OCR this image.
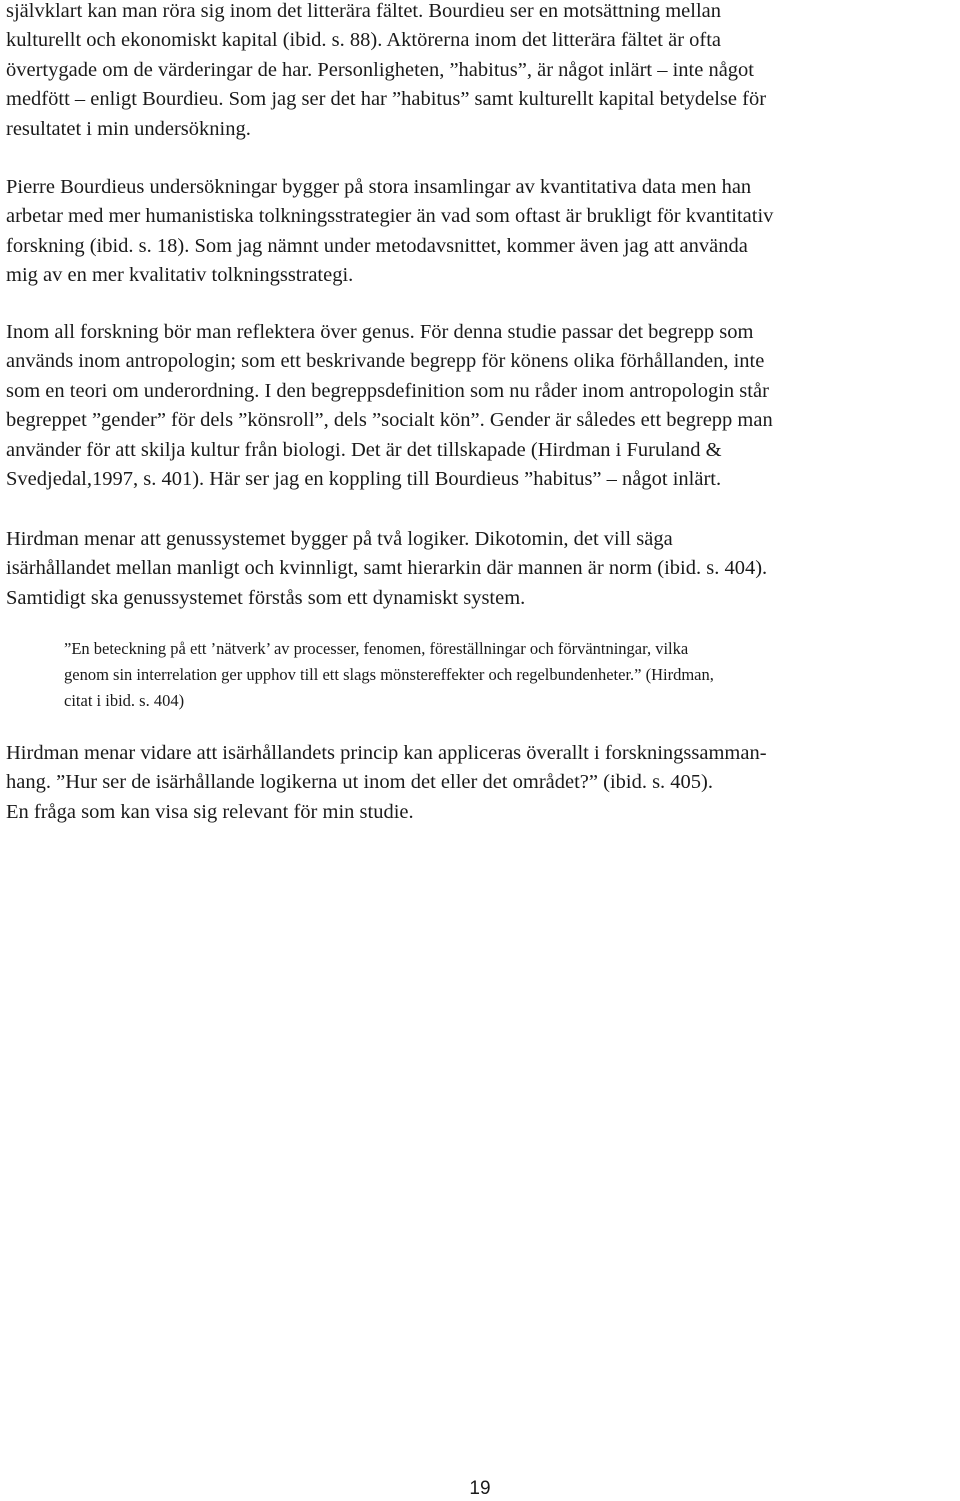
självklart kan man röra sig inom det litterära fältet. Bourdieu ser en motsättning mellan
kulturellt och ekonomiskt kapital (ibid. s. 88). Aktörerna inom det litterära fältet är ofta
övertygade om de värderingar de har. Personligheten, ”habitus”, är något inlärt – inte något
medfött – enligt Bourdieu. Som jag ser det har ”habitus” samt kulturellt kapital betydelse för
resultatet i min undersökning.
Pierre Bourdieus undersökningar bygger på stora insamlingar av kvantitativa data men han
arbetar med mer humanistiska tolkningsstrategier än vad som oftast är brukligt för kvantitativ
forskning (ibid. s. 18). Som jag nämnt under metodavsnittet, kommer även jag att använda
mig av en mer kvalitativ tolkningsstrategi.
Inom all forskning bör man reflektera över genus. För denna studie passar det begrepp som
används inom antropologin; som ett beskrivande begrepp för könens olika förhållanden, inte
som en teori om underordning. I den begreppsdefinition som nu råder inom antropologin står
begreppet ”gender” för dels ”könsroll”, dels ”socialt kön”. Gender är således ett begrepp man
använder för att skilja kultur från biologi. Det är det tillskapade (Hirdman i Furuland &
Svedjedal,1997, s. 401). Här ser jag en koppling till Bourdieus ”habitus” – något inlärt.
Hirdman menar att genussystemet bygger på två logiker. Dikotomin, det vill säga
isärhållandet mellan manligt och kvinnligt, samt hierarkin där mannen är norm (ibid. s. 404).
Samtidigt ska genussystemet förstås som ett dynamiskt system.
”En beteckning på ett ’nätverk’ av processer, fenomen, föreställningar och förväntningar, vilka
genom sin interrelation ger upphov till ett slags mönstereffekter och regelbundenheter.” (Hirdman,
citat i ibid. s. 404)
Hirdman menar vidare att isärhållandets princip kan appliceras överallt i forskningssamman-
hang. ”Hur ser de isärhållande logikerna ut inom det eller det området?” (ibid. s. 405).
En fråga som kan visa sig relevant för min studie.
19
